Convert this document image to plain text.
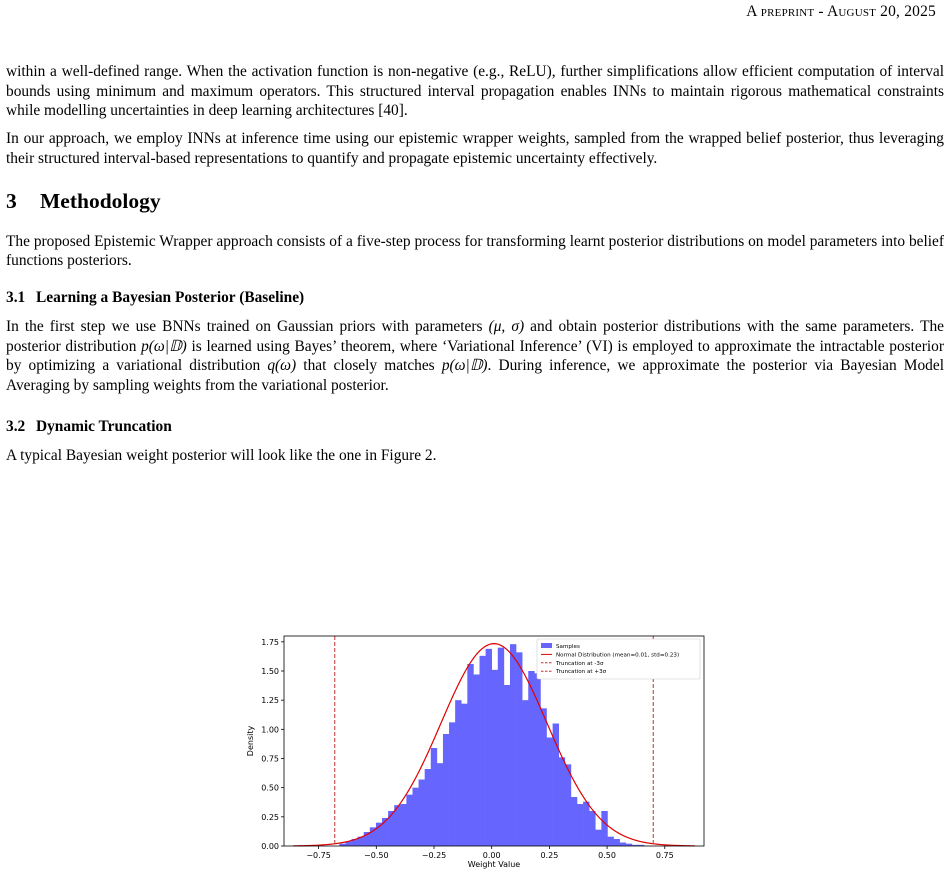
A preprint - August 20, 2025

within a well-defined range. When the activation function is non-negative (e.g., ReLU), further simplifications allow efficient computation of interval bounds using minimum and maximum operators. This structured interval propagation enables INNs to maintain rigorous mathematical constraints while modelling uncertainties in deep learning architectures [40].

In our approach, we employ INNs at inference time using our epistemic wrapper weights, sampled from the wrapped belief posterior, thus leveraging their structured interval-based representations to quantify and propagate epistemic uncertainty effectively.

3 Methodology

The proposed Epistemic Wrapper approach consists of a five-step process for transforming learnt posterior distributions on model parameters into belief functions posteriors.

3.1 Learning a Bayesian Posterior (Baseline)

In the first step we use BNNs trained on Gaussian priors with parameters (μ, σ) and obtain posterior distributions with the same parameters. The posterior distribution p(ω|𝔻) is learned using Bayes’ theorem, where ‘Variational Inference’ (VI) is employed to approximate the intractable posterior by optimizing a variational distribution q(ω) that closely matches p(ω|𝔻). During inference, we approximate the posterior via Bayesian Model Averaging by sampling weights from the variational posterior.

3.2 Dynamic Truncation

A typical Bayesian weight posterior will look like the one in Figure 2.

−0.75	−0.50	−0.25	0.00	0.25	0.50	0.75
0.00
0.25
0.50
0.75
1.00
1.25
1.50
1.75
Weight Value
Density
Samples
Normal Distribution (mean=0.01, std=0.23)
Truncation at -3σ
Truncation at +3σ
